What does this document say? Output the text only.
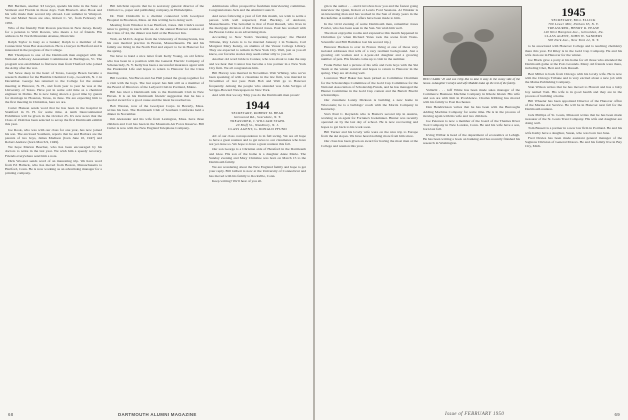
Bill Berman, another '43 lawyer, spends his time in the State of Vermont and Florida in those days. Tom Blauvelt. Also Hook and his wife made their second trip abroad. Last summer in Westport. We and Mabel Sloan are also, Robert C. W., from February 18, 1950.

Who of the friendly Walt Rowan practices in New Jersey. Ready for a pension is Walt Rowan, who meets a lot of friends. His address is 81 North Mountain Avenue, Montclair.

Ralph Taylor is busy as a banker; Ralph is a member of the Connecticut State Bar Association. He is a lawyer in Hartford and is interested in the progress of the College.

Bill Thompson is one of the Dartmouth men engaged with the National Advisory Assessment Commission in Burlington, Vt. The program was established to find new men from Thetford who joined the Army after the war.

Ted Sewe deep in the heart of Texas, George Breen became a research chemist for the Humble Chemical Corp., Goodrich, N. J. in December. George has returned to the College for the annual meeting at Hanover, N. H., and from year to year he was at the University of Texas. Have put in some odd time as a chemical engineer in Dallas. He is now being shown a good time by guests for marriage in Houston, Texas, in June. We are expecting him to the first meeting in Christmas, here we are.

Carter Hanson sends word that he has been in the hospital in Stamford in N. H. for some time. A tenth Intercontinental Exhibition will be given in the October 25. It's new news that the Class of 1944 has been selected to set up the first Dartmouth exhibit this year.

Joe Rook, who was with our class for one year, has now joined his son. The enclosed Southern, reports that he and Barbara are the parents of two boys, James Madison (born June 10, 1947) and Robert Andrew (born March 9, 1949).

We hope Marion Beecher, who has been encouraged by his doctors to retire in the last year. We wish him a speedy recovery. Friends everywhere send him a note.

Dick Wooster sends word of an interesting trip. We have word from Ed Halleck, who has moved from Boston, Massachusetts to Hartford, Conn. He is now working as an advertising manager for a printing company.

Bill Gilchrist reports that he is secretary general director of the Chilton Co., paper and publishing company, in Philadelphia.

Dr. Walt Chisholm is a chemist connected with Goodyear Hospital in Brockton, Mass. At this writing he is doing well.

Meeting from Windsor is Lee Hartford, Jones. Jim Clark's recent letter is getting in touch with us. At the annual Hanover reunion of the Class of '44, the dinner was held at the Hanover Inn.

Walt, an M.D.S. degree from the University of Pennsylvania, has his own medical practice in Boston, Massachusetts. He and his family are living in the North End and expect to be in Hanover for the spring.

We have to hand a nice letter from Kelly Young, an old fellow who has been in a position with the General Electric Company of Schenectady, N. Y. Kelly has been a successful insurance agent with the Prudential Life and hopes to return to Hanover for the Class meeting.

Bill Gordon, Stu Bacon and Joe Hall joined the group together for a visit with the boys. The last report has him still as a member of the Board of Directors of the Ledyard Club in Portland, Maine.

Bill has tried a Dartmouth talk to the Dartmouth Club in New Haven. It is on his Dartmouth friends' suggestion that he has a special award for a good cause and the latest he reached us.

Bob Weston, now of the Goodyear Corps. in Beverly, Mass. writes his best. The Dartmouth Club of Southern California held a dinner in November.

Jim Alexander and his wife from Lexington, Mass. have three children and Carl has been in the Mountain Air Force Reserve. Bill Cutler is now with the New England Telephone Company.

Admissions office prospective freshman interviewing committee. Congratulations Jack and the Alumni Council.

And news following a year of fall this month, we wish to settle a person with well respected, Paul Buckley, of Andover, Massachusetts. The betrothal is that of Paul Russell, who lives in the mortgage division of the Edward Jones. Paul has worked with the Boston Globe as an advertising man.

According to New York's 'morning newspaper,' the Herald Tribune, Ray Lewis is to be married January 1 in Yonkers, Carl Margaret Mary Kenny, an alumna of the Vassar College Library. They are expected to remain in New York City. Well, just as you all know, our favorite stories may seem rather silly to you all.

Another old word bride is Connor, who was about to take the step and we hear that Connor has become a law partner in a New York City firm. We all congratulate him.

Bill Harvey was married in November. Walt Whitley, who we've been speaking of with a classmate in the law firm, was married in November of last year. Both Bob and Walt go to Hanover frequently. Among the people who attended was John Scripps of Scripps-Howard Newspapers in New York.

And with that we say 'May you do the Dartmouth men proud.'

1944
SECRETARY, ROBERT M. BEAR
Glenwood Rd., Scarsdale, N. Y.
TREASURER, J. WILLIAM STAHL
20 Bluff St., Woodbury, N. J.
CLASS AGENT, G. DONALD PFUND

All of our class correspondence is in full swing. We are all hope to have a great reunion and to get news to our classmates who have not yet done so. We hope to have a great reunion this fall.

Our son George is a Christian aide of Hereford in the Dartmouth and Glee. His son of the home is a daughter Anne Marie. The Sunday evening and Mary Christine was born on March 15 to the Dartmouth family.

We are wondering about the New England family and hope to get your reply. Bill Gilbert is now at the University of Connecticut and has moved with his family to Rockville, Conn.

Keep writing! We'll hear of you all.

68	DARTMOUTH ALUMNI MAGAZINE

gin is the author . . . and it involves how you and the fastest going interview the Quiet, Robert et Lewis Ford Sessions. Al Winkler is an interesting man and has worked in the Sun of many years in the Rockefeller. A number of offers have been made to him.

In the vivid evening of some Dartmouth men, remember Jones Fowler, who has been seen in the Sun. We wish him well.

The most enjoyable rooms and expressive this month happened in Christmas (or when Richard Yates took the scene from Trans-Scientific and Bill Hamilton lost his second trip.)

Hanover Hudson is over in France living at one of those very isolated addresses that tells of a very resilient background. Just a growing old woman and a 4-year-old daughter and a growing number of pets. His friends come up to visit in the summer.

Frank Fuller had a picture of his wife and twin boys with the Ski Team at the winter carnival and hopes to return to Hanover in the spring. They are all doing well.

Lawrence 'Bud' Baker has been picked as Committee Chairman for the Scholarships Committee of the Gold Cup Committee for the National Association of Scholarship Funds, and he has managed the Hunter Committee in the Gold Cup contest and the Bertolt Brecht scholarships.

Our classmate Lanny Dickson is building a new home in Wisconsin; he is a bulldogs' coach with the Morris Company in Kentucky.

Stu's Paul C. Reynolds who is Baxter's second trip in Austria, working as an agent for Fortune's bookmaker. Hunter was recently operated on by the last day of school. He is now recovering and hopes to get back to his work soon.

Bill Turner and his lovely wife were on the nice trip to Europe from the ski slopes. We have heard nothing more from him since.

Our class has been given an award for having the most men at the College and reunion this year.

BUD CLARK '45 and son Chip like to take it easy in the sunny side of the house. A daughter Carolyn and wife Maddie make up the rest of the family.

Vallarlit . . . Jeff White has been made sales manager of the Commerce Business Machine Company in Rhode Island. His wife and son are with him in Providence. Charles Ribbing has moved with his family to East Rochester.

Dan Hendrickson writes that he has been with the Burroughs Adding Machine Company for some time. He is in the process of moving again with his wife and two children.

Joe Peterson is now a member of the board of the Thames River Tool Company in New London, Conn. He and his wife have a son, born last fall.

Irving Wilbur is head of the department of economics at Lehigh. He has been writing a book on banking and has recently finished his research in Washington.

1945
SECRETARY, BILL ELLICK
700 Lower Mill, Pelham 65, N. Y.
TREASURER, HENRY R. PEASE
140 West Hampton Ave., Glenolden, Pa.
CLASS AGENT, JOHN W. SANDERS
500 Park Ave., New York 22, N. Y.

to be associated with Hanover College and is teaching chemistry there this year. Ed Riley is in the Gold Cup Company. He and his wife Jean are in Hanover for the winter.

Joe Black gave a party at his home for all those who attended the Dartmouth game at the Polo Grounds. Many old friends were there, including Chet, Bert and Jack Russell.

Bert Miller is back from Chicago with his lovely wife. He is now with the Chicago Tribune and is very excited about a new job with the Maine Publishing Company.

Stan Wilson writes that he has moved to Hawaii and has a baby boy named Tom. His wife is in good health and they are in the process of building a home.

Bill Wheeler has been appointed Director of the Hanover office of the Marine Air Service. He will be in Hanover next fall for the Dartmouth reunion.

Jack Phillips of St. Louis, Missouri writes that he has been made treasurer of the St. Louis Trust Company. His wife and daughter are doing well.

Tom Bassett is a partner in a new law firm in Portland. He and his wife Kathy have a daughter, Susan, who was born last June.

Fred Davies has been made assistant general manager of the Saginaw Division of General Motors. He and his family live in Bay City, Mich.

Issue of FEBRUARY 1950	69
